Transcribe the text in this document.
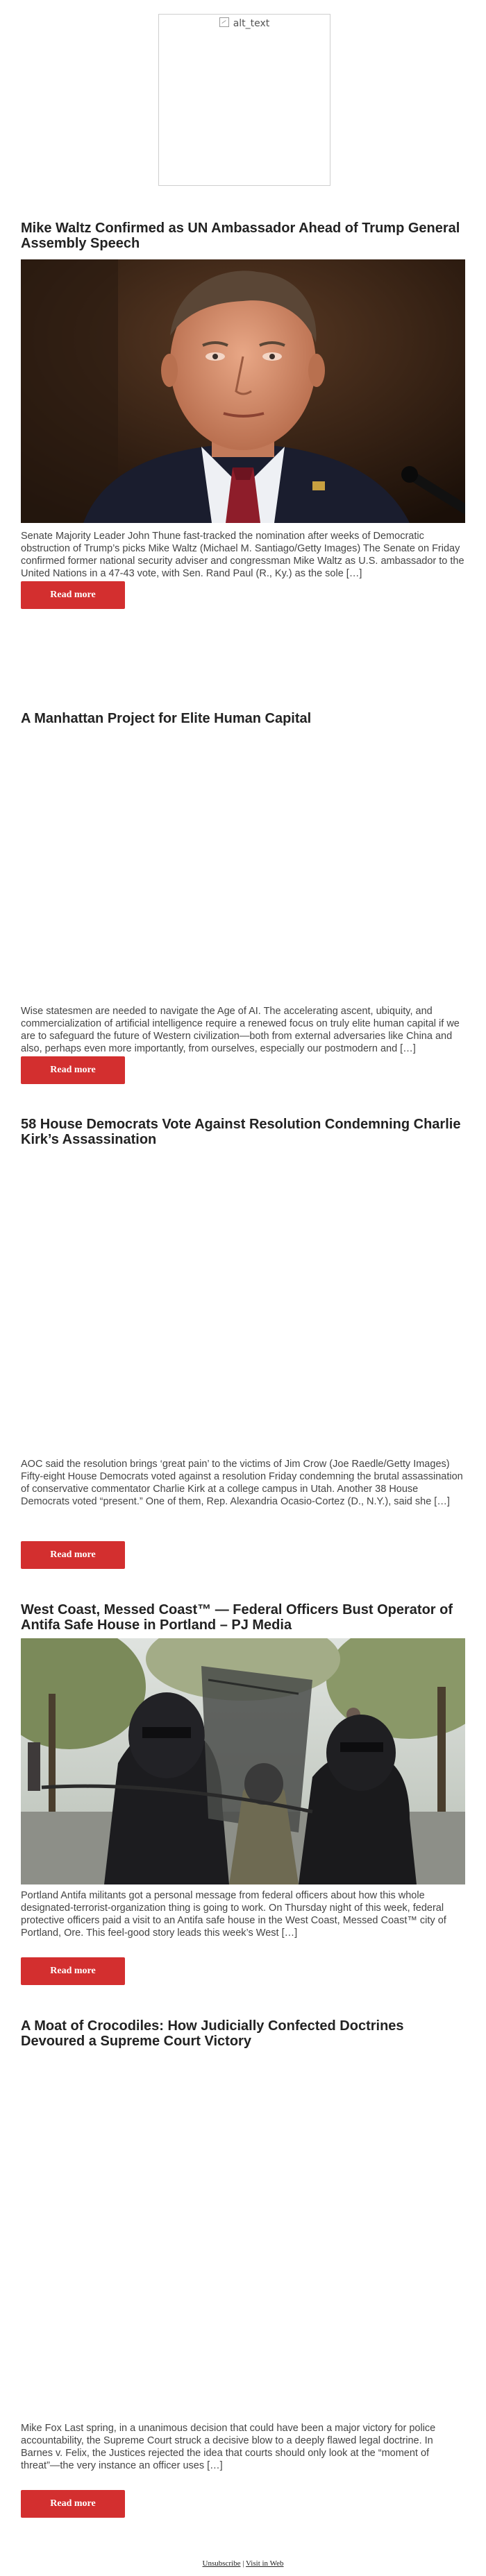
alt_text
Mike Waltz Confirmed as UN Ambassador Ahead of Trump General Assembly Speech

Senate Majority Leader John Thune fast-tracked the nomination after weeks of Democratic obstruction of Trump’s picks Mike Waltz (Michael M. Santiago/Getty Images) The Senate on Friday confirmed former national security adviser and congressman Mike Waltz as U.S. ambassador to the United Nations in a 47-43 vote, with Sen. Rand Paul (R., Ky.) as the sole […]

Read more
A Manhattan Project for Elite Human Capital

Wise statesmen are needed to navigate the Age of AI. The accelerating ascent, ubiquity, and commercialization of artificial intelligence require a renewed focus on truly elite human capital if we are to safeguard the future of Western civilization—both from external adversaries like China and also, perhaps even more importantly, from ourselves, especially our postmodern and […]

Read more
58 House Democrats Vote Against Resolution Condemning Charlie Kirk’s Assassination

AOC said the resolution brings ‘great pain’ to the victims of Jim Crow (Joe Raedle/Getty Images) Fifty-eight House Democrats voted against a resolution Friday condemning the brutal assassination of conservative commentator Charlie Kirk at a college campus in Utah. Another 38 House Democrats voted “present.” One of them, Rep. Alexandria Ocasio-Cortez (D., N.Y.), said she […]

Read more
West Coast, Messed Coast™ — Federal Officers Bust Operator of Antifa Safe House in Portland – PJ Media

Portland Antifa militants got a personal message from federal officers about how this whole designated-terrorist-organization thing is going to work. On Thursday night of this week, federal protective officers paid a visit to an Antifa safe house in the West Coast, Messed Coast™ city of Portland, Ore. This feel-good story leads this week’s West […]

Read more
A Moat of Crocodiles: How Judicially Confected Doctrines Devoured a Supreme Court Victory

Mike Fox Last spring, in a unanimous decision that could have been a major victory for police accountability, the Supreme Court struck a decisive blow to a deeply flawed legal doctrine. In Barnes v. Felix, the Justices rejected the idea that courts should only look at the “moment of threat”—the very instance an officer uses […]

Read more
Unsubscribe | Visit in Web
